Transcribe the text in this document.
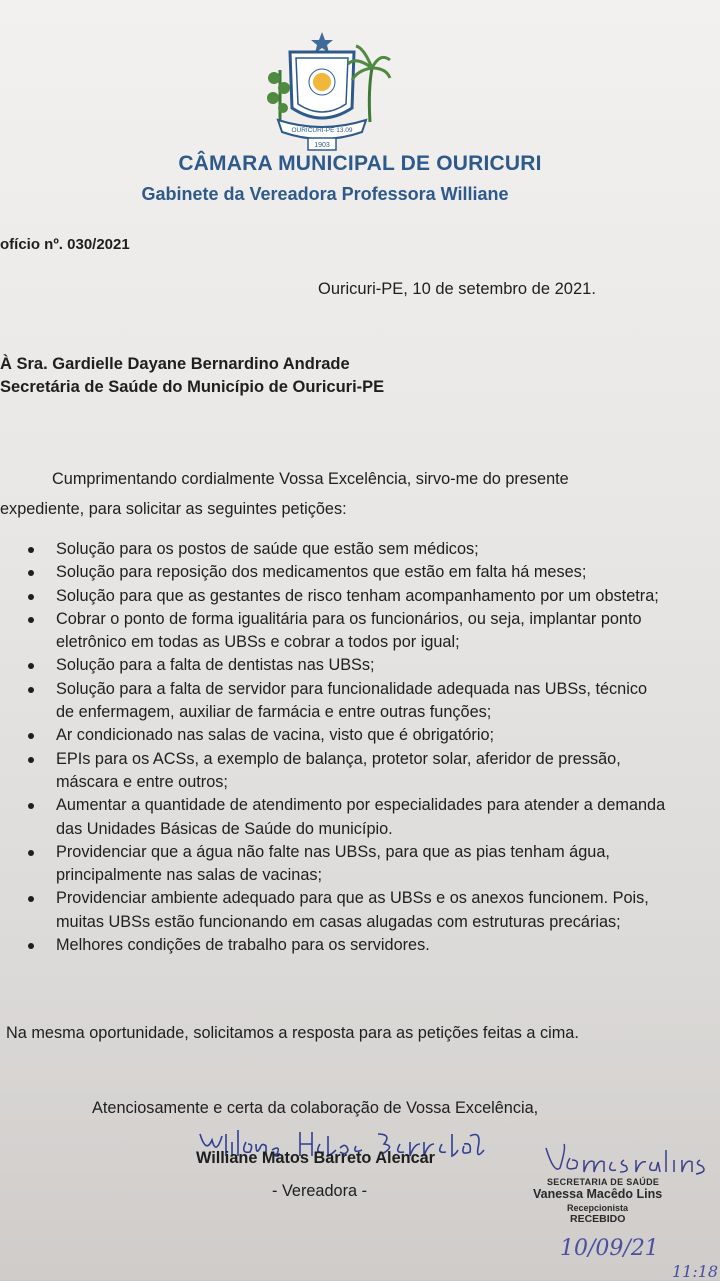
OURICURI-PE 13.09
1903
CÂMARA MUNICIPAL DE OURICURI
Gabinete da Vereadora Professora Williane
ofício nº. 030/2021
Ouricuri-PE, 10 de setembro de 2021.
À Sra. Gardielle Dayane Bernardino Andrade
Secretária de Saúde do Município de Ouricuri-PE
Cumprimentando cordialmente Vossa Excelência, sirvo-me do presente
expediente, para solicitar as seguintes petições:
Solução para os postos de saúde que estão sem médicos;
Solução para reposição dos medicamentos que estão em falta há meses;
Solução para que as gestantes de risco tenham acompanhamento por um obstetra;
Cobrar o ponto de forma igualitária para os funcionários, ou seja, implantar ponto eletrônico em todas as UBSs e cobrar a todos por igual;
Solução para a falta de dentistas nas UBSs;
Solução para a falta de servidor para funcionalidade adequada nas UBSs, técnico de enfermagem, auxiliar de farmácia e entre outras funções;
Ar condicionado nas salas de vacina, visto que é obrigatório;
EPIs para os ACSs, a exemplo de balança, protetor solar, aferidor de pressão, máscara e entre outros;
Aumentar a quantidade de atendimento por especialidades para atender a demanda das Unidades Básicas de Saúde do município.
Providenciar que a água não falte nas UBSs, para que as pias tenham água, principalmente nas salas de vacinas;
Providenciar ambiente adequado para que as UBSs e os anexos funcionem. Pois, muitas UBSs estão funcionando em casas alugadas com estruturas precárias;
Melhores condições de trabalho para os servidores.
Na mesma oportunidade, solicitamos a resposta para as petições feitas a cima.
Atenciosamente e certa da colaboração de Vossa Excelência,
Williane Matos Barreto Alencar
- Vereadora -	SECRETARIA DE SAÚDE
Vanessa Macêdo Lins
Recepcionista
RECEBIDO
10/09/21
11:18
